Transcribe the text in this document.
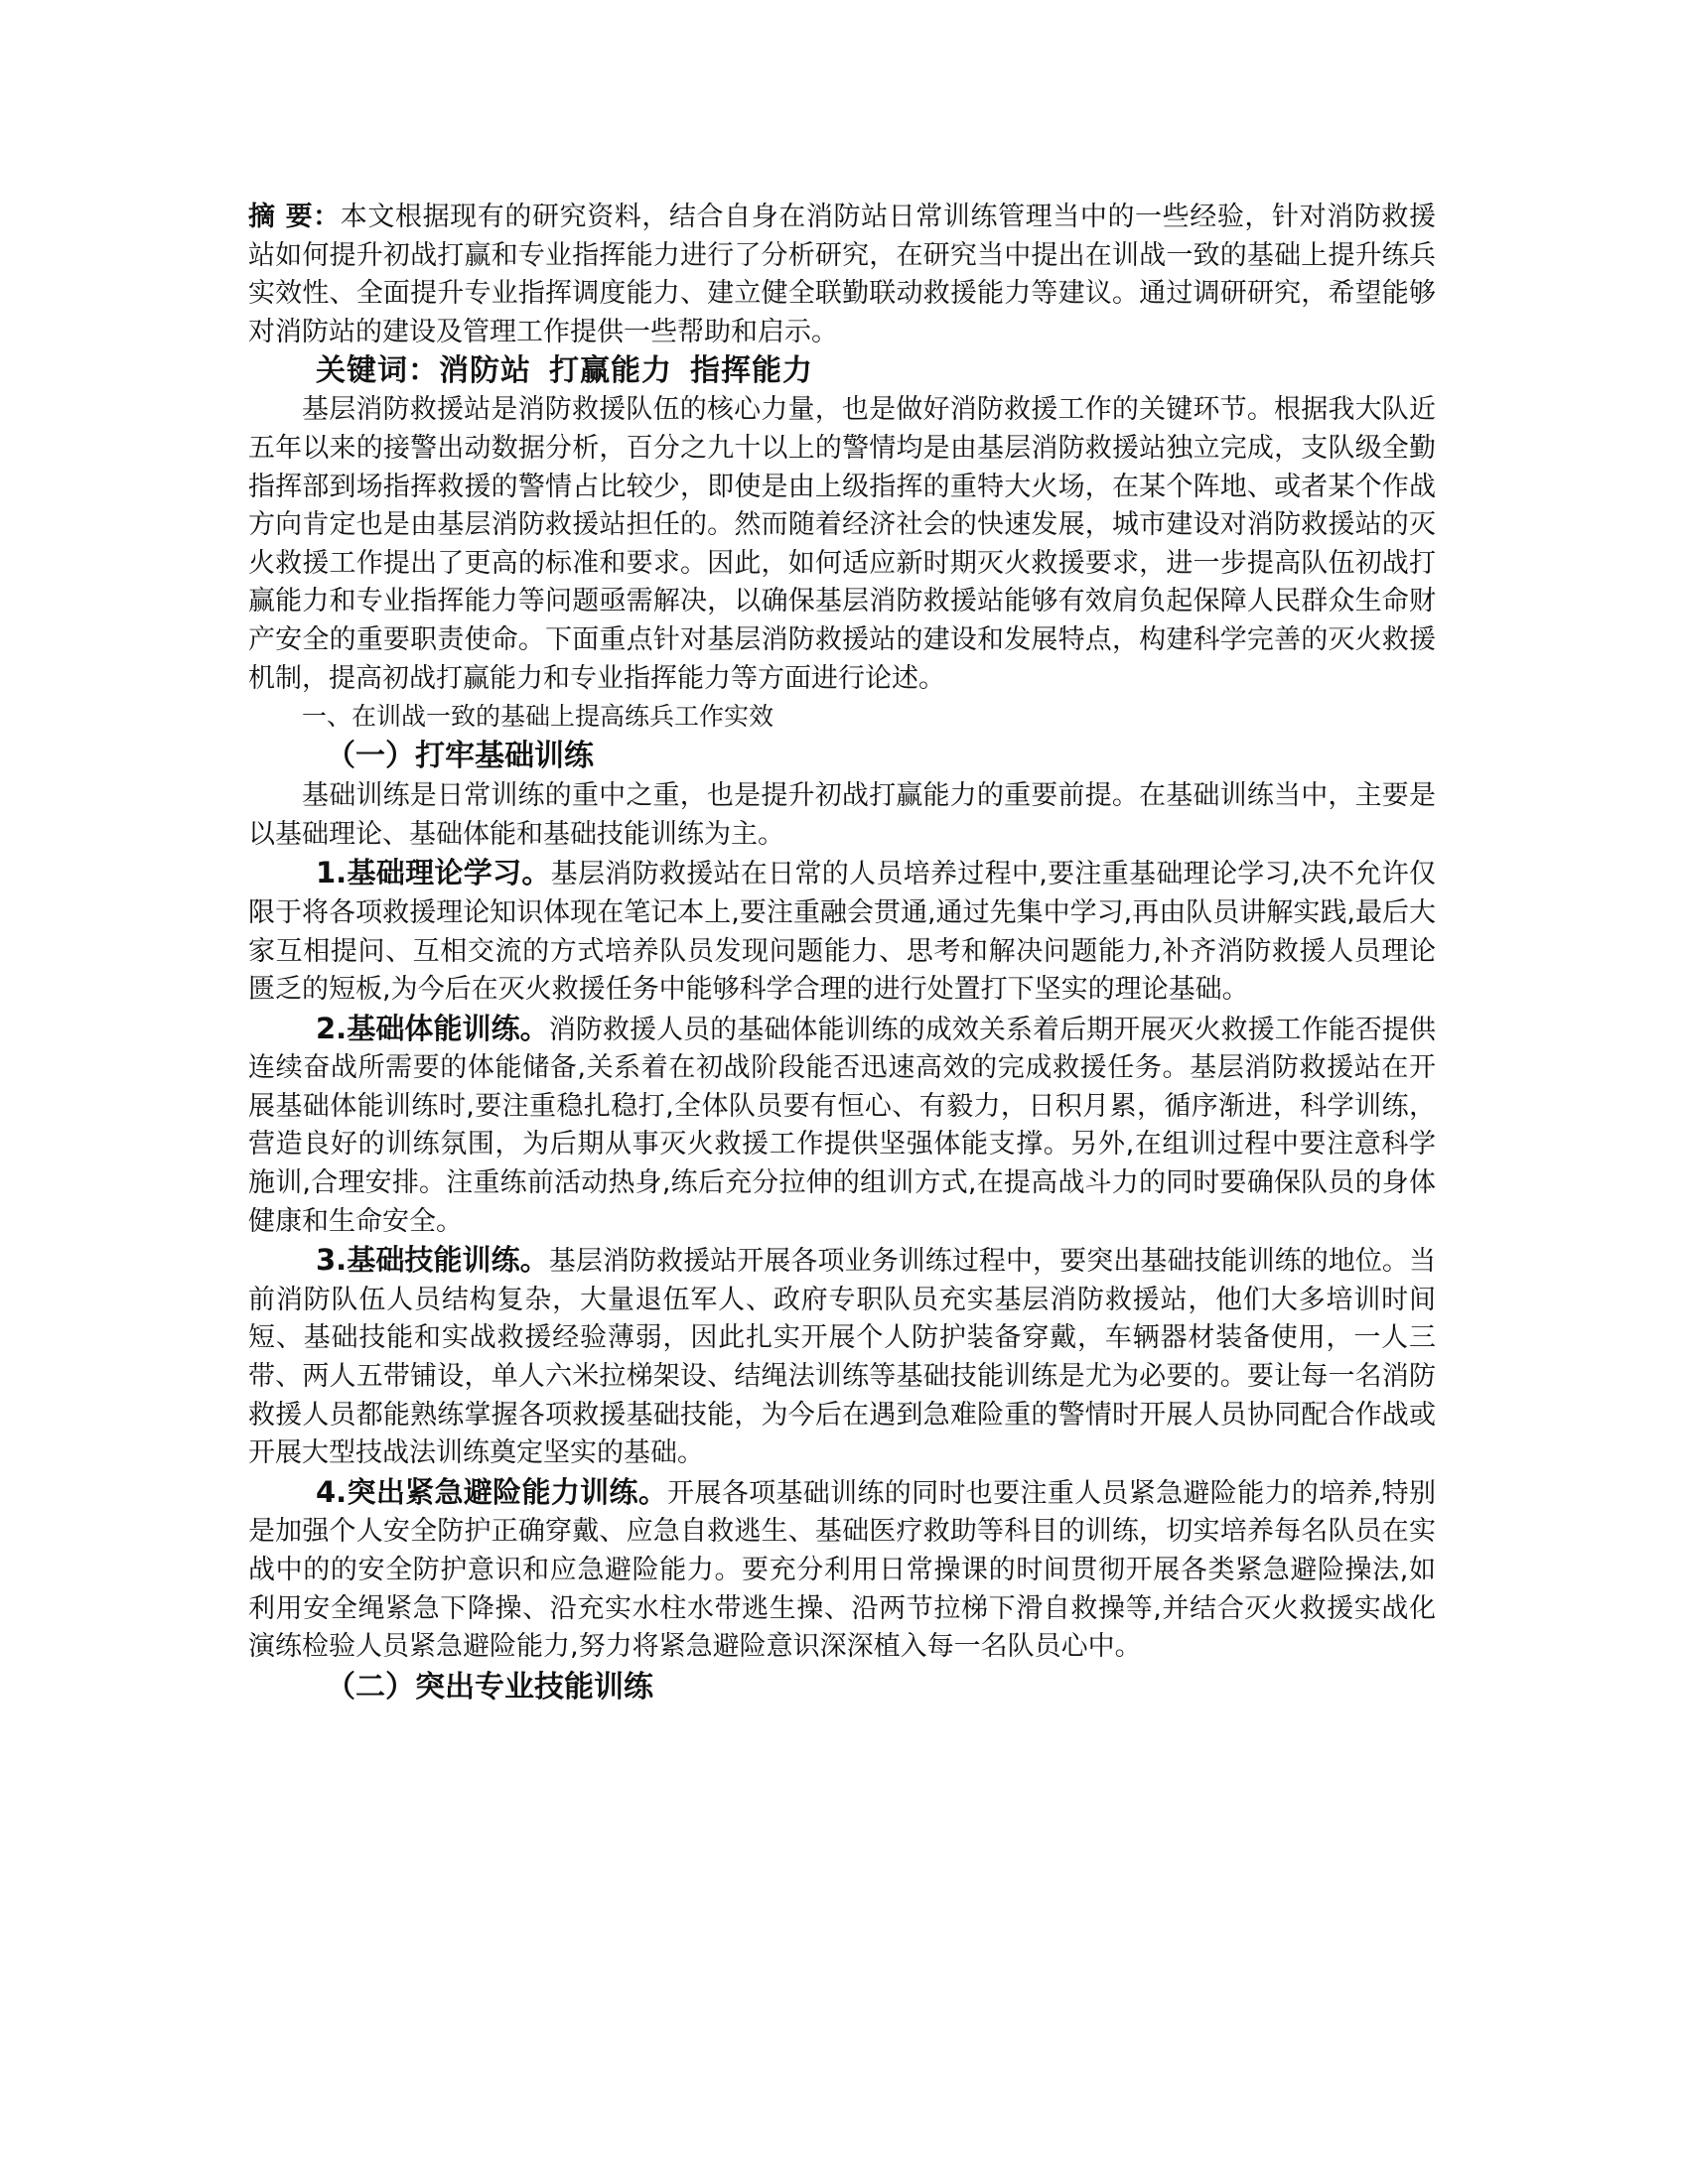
摘 要：本文根据现有的研究资料，结合自身在消防站日常训练管理当中的一些经验，针对消防救援站如何提升初战打赢和专业指挥能力进行了分析研究，在研究当中提出在训战一致的基础上提升练兵实效性、全面提升专业指挥调度能力、建立健全联勤联动救援能力等建议。通过调研研究，希望能够对消防站的建设及管理工作提供一些帮助和启示。

关键词：消防站 打赢能力 指挥能力

基层消防救援站是消防救援队伍的核心力量，也是做好消防救援工作的关键环节。根据我大队近五年以来的接警出动数据分析，百分之九十以上的警情均是由基层消防救援站独立完成，支队级全勤指挥部到场指挥救援的警情占比较少，即使是由上级指挥的重特大火场，在某个阵地、或者某个作战方向肯定也是由基层消防救援站担任的。然而随着经济社会的快速发展，城市建设对消防救援站的灭火救援工作提出了更高的标准和要求。因此，如何适应新时期灭火救援要求，进一步提高队伍初战打赢能力和专业指挥能力等问题亟需解决，以确保基层消防救援站能够有效肩负起保障人民群众生命财产安全的重要职责使命。下面重点针对基层消防救援站的建设和发展特点，构建科学完善的灭火救援机制，提高初战打赢能力和专业指挥能力等方面进行论述。

一、在训战一致的基础上提高练兵工作实效

（一）打牢基础训练

基础训练是日常训练的重中之重，也是提升初战打赢能力的重要前提。在基础训练当中，主要是以基础理论、基础体能和基础技能训练为主。

1.基础理论学习。基层消防救援站在日常的人员培养过程中,要注重基础理论学习,决不允许仅限于将各项救援理论知识体现在笔记本上,要注重融会贯通,通过先集中学习,再由队员讲解实践,最后大家互相提问、互相交流的方式培养队员发现问题能力、思考和解决问题能力,补齐消防救援人员理论匮乏的短板,为今后在灭火救援任务中能够科学合理的进行处置打下坚实的理论基础。

2.基础体能训练。消防救援人员的基础体能训练的成效关系着后期开展灭火救援工作能否提供连续奋战所需要的体能储备,关系着在初战阶段能否迅速高效的完成救援任务。基层消防救援站在开展基础体能训练时,要注重稳扎稳打,全体队员要有恒心、有毅力，日积月累，循序渐进，科学训练，营造良好的训练氛围，为后期从事灭火救援工作提供坚强体能支撑。另外,在组训过程中要注意科学施训,合理安排。注重练前活动热身,练后充分拉伸的组训方式,在提高战斗力的同时要确保队员的身体健康和生命安全。

3.基础技能训练。基层消防救援站开展各项业务训练过程中，要突出基础技能训练的地位。当前消防队伍人员结构复杂，大量退伍军人、政府专职队员充实基层消防救援站，他们大多培训时间短、基础技能和实战救援经验薄弱，因此扎实开展个人防护装备穿戴，车辆器材装备使用，一人三带、两人五带铺设，单人六米拉梯架设、结绳法训练等基础技能训练是尤为必要的。要让每一名消防救援人员都能熟练掌握各项救援基础技能，为今后在遇到急难险重的警情时开展人员协同配合作战或开展大型技战法训练奠定坚实的基础。

4.突出紧急避险能力训练。开展各项基础训练的同时也要注重人员紧急避险能力的培养,特别是加强个人安全防护正确穿戴、应急自救逃生、基础医疗救助等科目的训练，切实培养每名队员在实战中的的安全防护意识和应急避险能力。要充分利用日常操课的时间贯彻开展各类紧急避险操法,如利用安全绳紧急下降操、沿充实水柱水带逃生操、沿两节拉梯下滑自救操等,并结合灭火救援实战化演练检验人员紧急避险能力,努力将紧急避险意识深深植入每一名队员心中。

（二）突出专业技能训练
